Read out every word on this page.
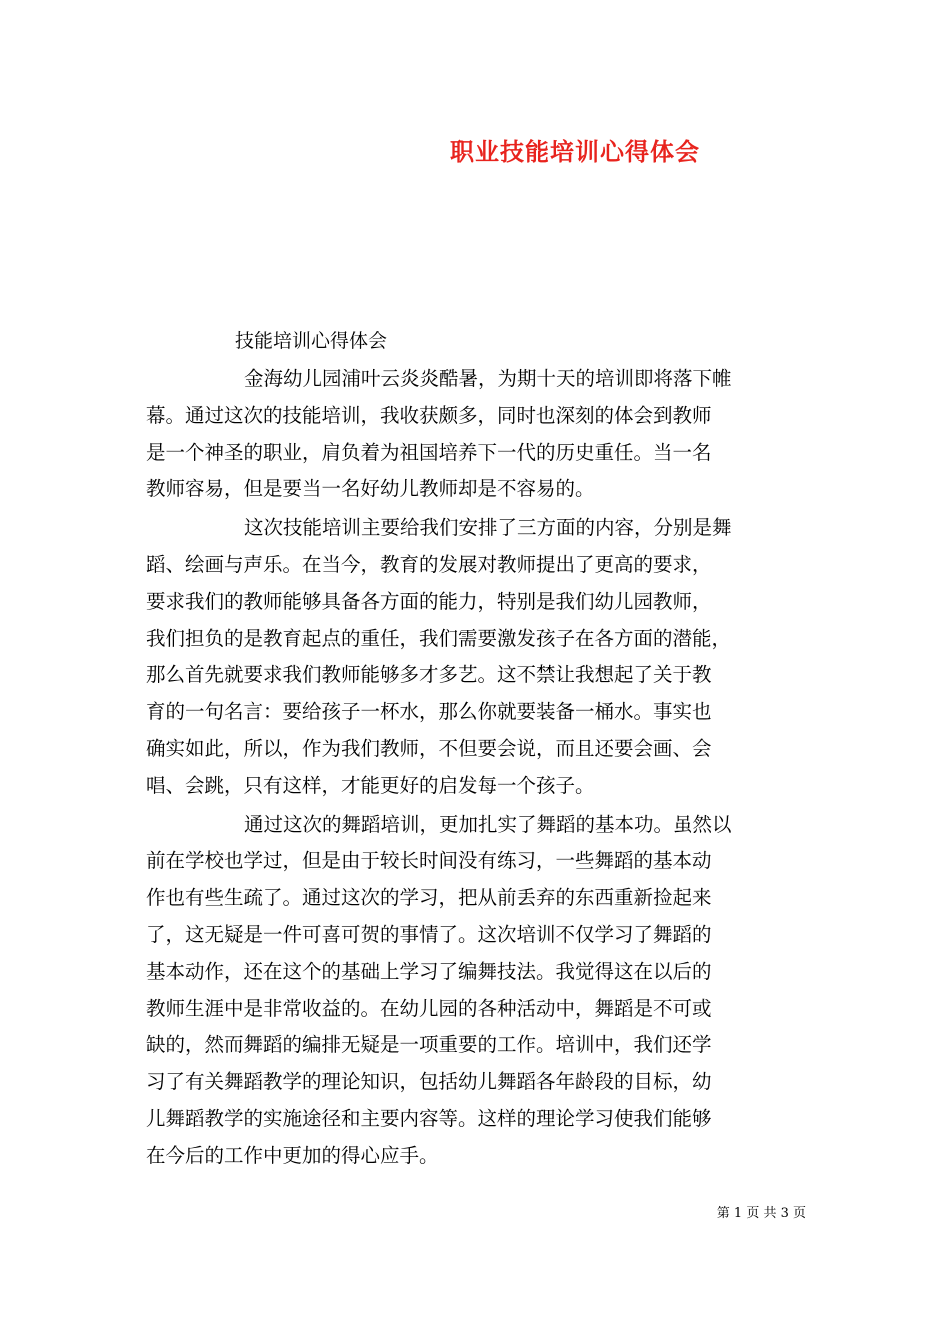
职业技能培训心得体会
技能培训心得体会

金海幼儿园浦叶云炎炎酷暑，为期十天的培训即将落下帷
幕。通过这次的技能培训，我收获颇多，同时也深刻的体会到教师
是一个神圣的职业，肩负着为祖国培养下一代的历史重任。当一名
教师容易，但是要当一名好幼儿教师却是不容易的。

这次技能培训主要给我们安排了三方面的内容，分别是舞
蹈、绘画与声乐。在当今，教育的发展对教师提出了更高的要求，
要求我们的教师能够具备各方面的能力，特别是我们幼儿园教师，
我们担负的是教育起点的重任，我们需要激发孩子在各方面的潜能，
那么首先就要求我们教师能够多才多艺。这不禁让我想起了关于教
育的一句名言：要给孩子一杯水，那么你就要装备一桶水。事实也
确实如此，所以，作为我们教师，不但要会说，而且还要会画、会
唱、会跳，只有这样，才能更好的启发每一个孩子。

通过这次的舞蹈培训，更加扎实了舞蹈的基本功。虽然以
前在学校也学过，但是由于较长时间没有练习，一些舞蹈的基本动
作也有些生疏了。通过这次的学习，把从前丢弃的东西重新捡起来
了，这无疑是一件可喜可贺的事情了。这次培训不仅学习了舞蹈的
基本动作，还在这个的基础上学习了编舞技法。我觉得这在以后的
教师生涯中是非常收益的。在幼儿园的各种活动中，舞蹈是不可或
缺的，然而舞蹈的编排无疑是一项重要的工作。培训中，我们还学
习了有关舞蹈教学的理论知识，包括幼儿舞蹈各年龄段的目标，幼
儿舞蹈教学的实施途径和主要内容等。这样的理论学习使我们能够
在今后的工作中更加的得心应手。

第 1 页 共 3 页
